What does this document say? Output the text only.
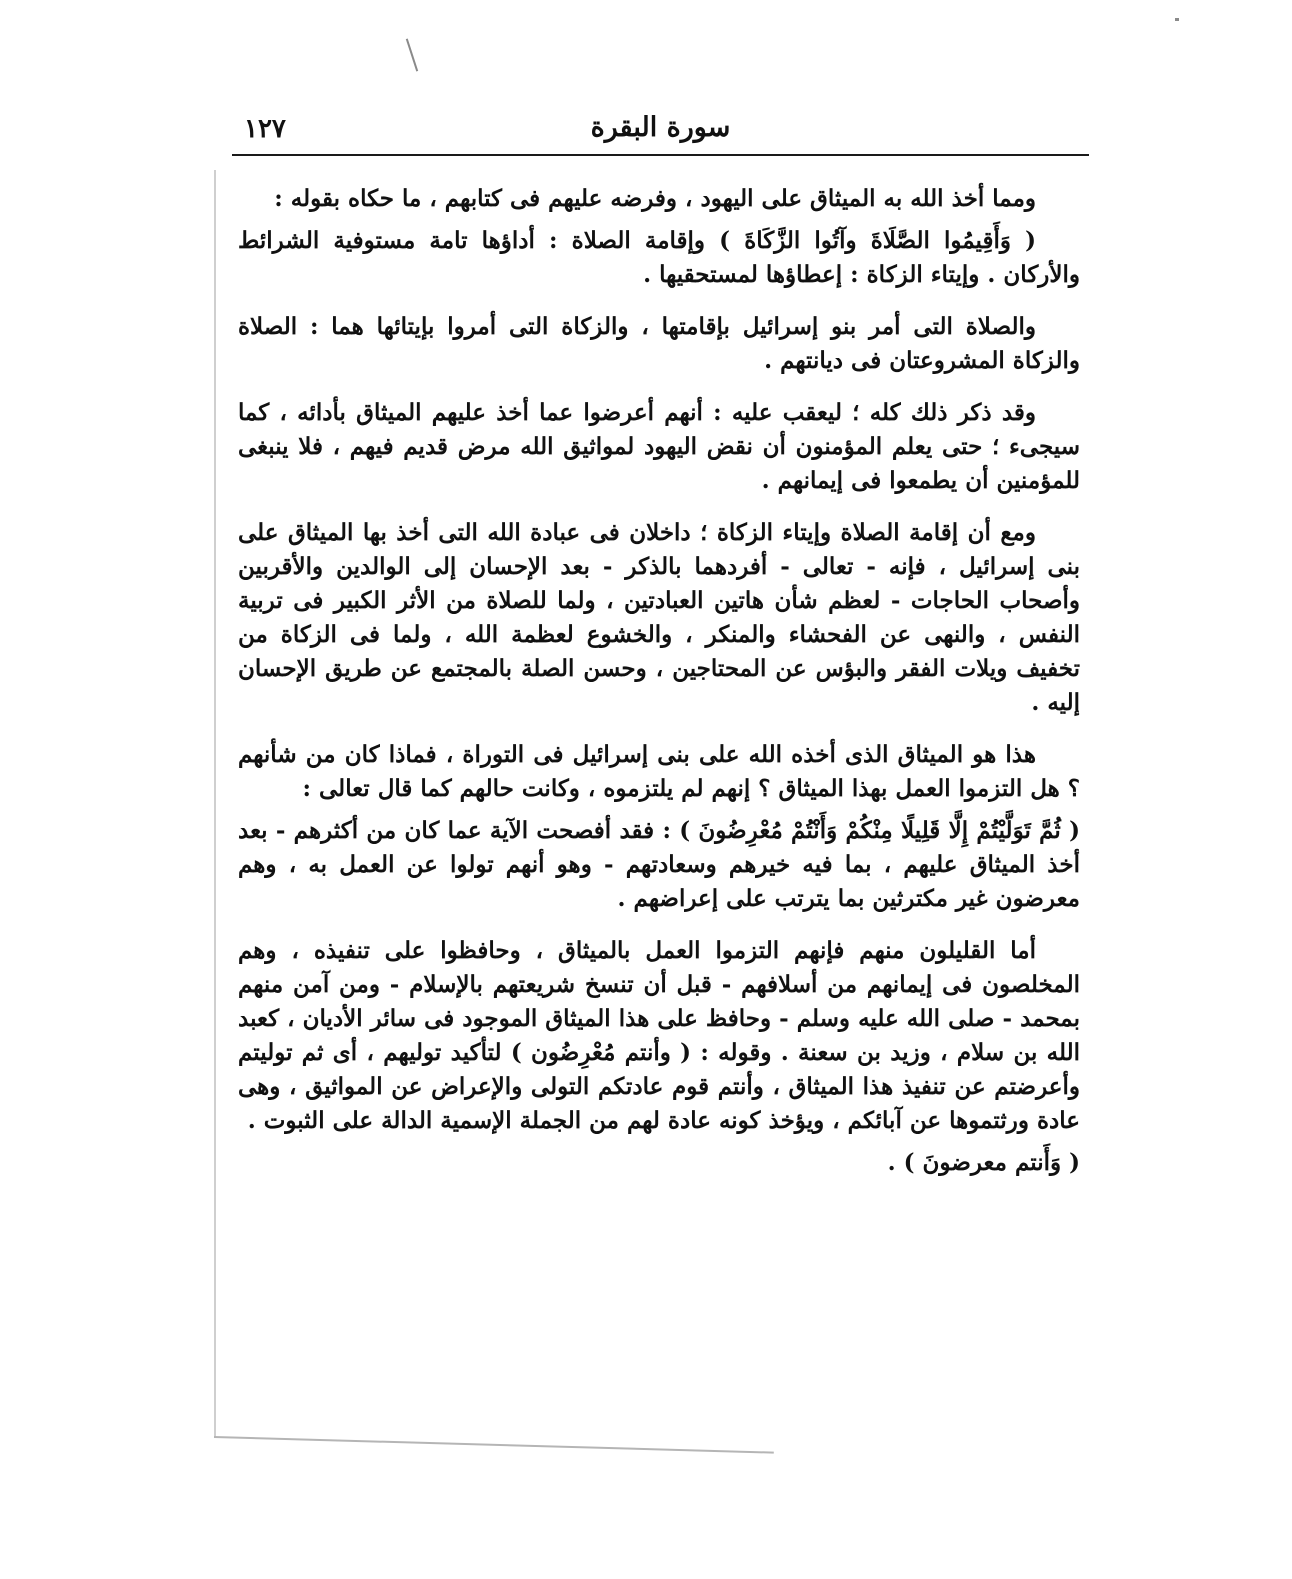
١٢٧	سورة البقرة

ومما أخذ الله به الميثاق على اليهود ، وفرضه عليهم فى كتابهم ، ما حكاه بقوله :

( وَأَقِيمُوا الصَّلَاةَ وآتُوا الزَّكَاةَ ) وإقامة الصلاة : أداؤها تامة مستوفية الشرائط والأركان . وإيتاء الزكاة : إعطاؤها لمستحقيها .

والصلاة التى أمر بنو إسرائيل بإقامتها ، والزكاة التى أمروا بإيتائها هما : الصلاة والزكاة المشروعتان فى ديانتهم .

وقد ذكر ذلك كله ؛ ليعقب عليه : أنهم أعرضوا عما أخذ عليهم الميثاق بأدائه ، كما سيجىء ؛ حتى يعلم المؤمنون أن نقض اليهود لمواثيق الله مرض قديم فيهم ، فلا ينبغى للمؤمنين أن يطمعوا فى إيمانهم .

ومع أن إقامة الصلاة وإيتاء الزكاة ؛ داخلان فى عبادة الله التى أخذ بها الميثاق على بنى إسرائيل ، فإنه - تعالى - أفردهما بالذكر - بعد الإحسان إلى الوالدين والأقربين وأصحاب الحاجات - لعظم شأن هاتين العبادتين ، ولما للصلاة من الأثر الكبير فى تربية النفس ، والنهى عن الفحشاء والمنكر ، والخشوع لعظمة الله ، ولما فى الزكاة من تخفيف ويلات الفقر والبؤس عن المحتاجين ، وحسن الصلة بالمجتمع عن طريق الإحسان إليه .

هذا هو الميثاق الذى أخذه الله على بنى إسرائيل فى التوراة ، فماذا كان من شأنهم ؟ هل التزموا العمل بهذا الميثاق ؟ إنهم لم يلتزموه ، وكانت حالهم كما قال تعالى :

( ثُمَّ تَوَلَّيْتُمْ إِلَّا قَلِيلًا مِنْكُمْ وَأَنْتُمْ مُعْرِضُونَ ) : فقد أفصحت الآية عما كان من أكثرهم - بعد أخذ الميثاق عليهم ، بما فيه خيرهم وسعادتهم - وهو أنهم تولوا عن العمل به ، وهم معرضون غير مكترثين بما يترتب على إعراضهم .

أما القليلون منهم فإنهم التزموا العمل بالميثاق ، وحافظوا على تنفيذه ، وهم المخلصون فى إيمانهم من أسلافهم - قبل أن تنسخ شريعتهم بالإسلام - ومن آمن منهم بمحمد - صلى الله عليه وسلم - وحافظ على هذا الميثاق الموجود فى سائر الأديان ، كعبد الله بن سلام ، وزيد بن سعنة . وقوله : ( وأنتم مُعْرِضُون ) لتأكيد توليهم ، أى ثم توليتم وأعرضتم عن تنفيذ هذا الميثاق ، وأنتم قوم عادتكم التولى والإعراض عن المواثيق ، وهى عادة ورثتموها عن آبائكم ، ويؤخذ كونه عادة لهم من الجملة الإسمية الدالة على الثبوت .

( وَأَنتم معرضونَ ) .
